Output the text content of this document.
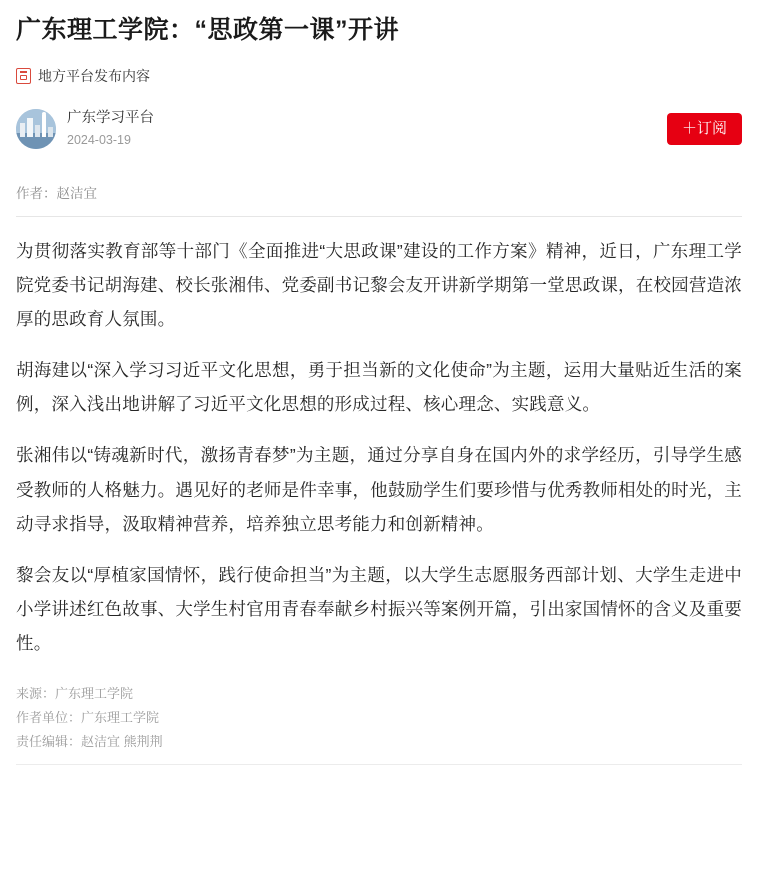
广东理工学院：“思政第一课”开讲
地方平台发布内容
广东学习平台
2024-03-19
＋订阅
作者：赵洁宜

为贯彻落实教育部等十部门《全面推进“大思政课”建设的工作方案》精神，近日，广东理工学院党委书记胡海建、校长张湘伟、党委副书记黎会友开讲新学期第一堂思政课，在校园营造浓厚的思政育人氛围。

胡海建以“深入学习习近平文化思想，勇于担当新的文化使命”为主题，运用大量贴近生活的案例，深入浅出地讲解了习近平文化思想的形成过程、核心理念、实践意义。

张湘伟以“铸魂新时代，激扬青春梦”为主题，通过分享自身在国内外的求学经历，引导学生感受教师的人格魅力。遇见好的老师是件幸事，他鼓励学生们要珍惜与优秀教师相处的时光，主动寻求指导，汲取精神营养，培养独立思考能力和创新精神。

黎会友以“厚植家国情怀，践行使命担当”为主题，以大学生志愿服务西部计划、大学生走进中小学讲述红色故事、大学生村官用青春奉献乡村振兴等案例开篇，引出家国情怀的含义及重要性。

来源：广东理工学院
作者单位：广东理工学院
责任编辑：赵洁宜 熊荆荆
